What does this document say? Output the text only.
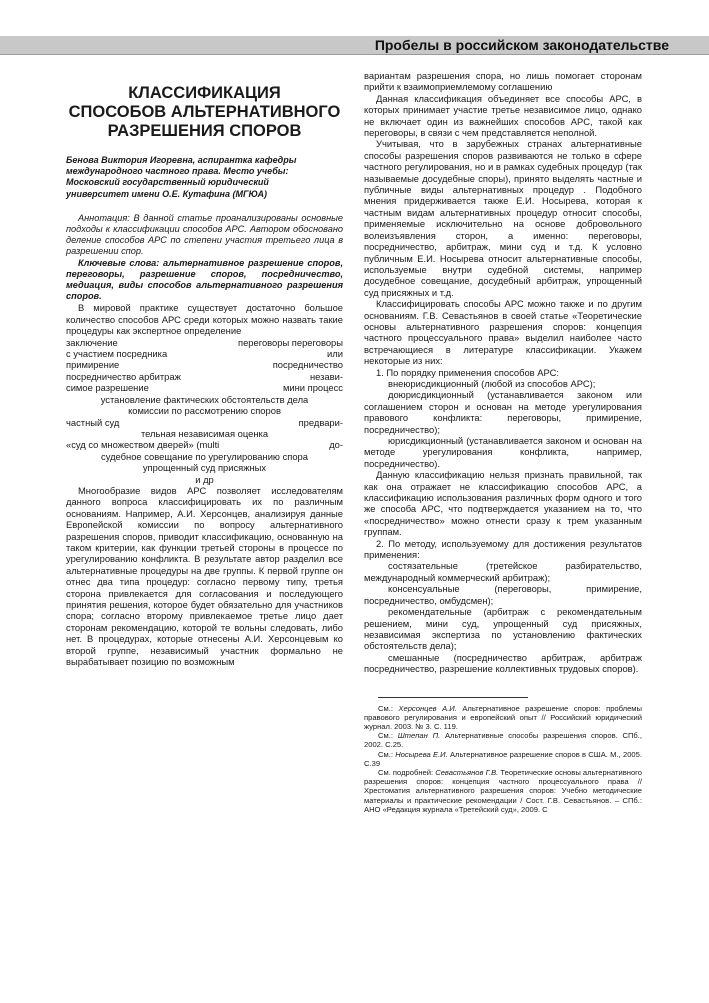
Пробелы в российском законодательстве
КЛАССИФИКАЦИЯ
СПОСОБОВ АЛЬТЕРНАТИВНОГО
РАЗРЕШЕНИЯ СПОРОВ
Бенова Виктория Игоревна, аспирантка кафедры
международного частного права. Место учебы:
Московский государственный юридический
университет имени О.Е. Кутафина (МГЮА)

Аннотация: В данной статье проанализированы основные подходы к классификации способов АРС. Автором обосновано деление способов АРС по степени участия третьего лица в разрешении спор.

Ключевые слова: альтернативное разрешение споров, переговоры, разрешение споров, посредничество, медиация, виды способов альтернативного разрешения споров.

В мировой практике существует достаточно большое количество способов АРС среди которых можно назвать такие процедуры как экспертное определение

заключение	переговоры переговоры
с участием посредника	или
примирение	посредничество
посредничество арбитраж	незави-
симое разрешение	мини процесс
установление фактических обстоятельств дела
комиссии по рассмотрению споров
частный суд	предвари-
тельная независимая оценка
«суд со множеством дверей» (multi	до-
судебное совещание по урегулированию спора
упрощенный суд присяжных
и др

Многообразие видов АРС позволяет исследователям данного вопроса классифицировать их по различным основаниям. Например, А.И. Херсонцев, анализируя данные Европейской комиссии по вопросу альтернативного разрешения споров, приводит классификацию, основанную на таком критерии, как функции третьей стороны в процессе по урегулированию конфликта. В результате автор разделил все альтернативные процедуры на две группы. К первой группе он отнес два типа процедур: согласно первому типу, третья сторона привлекается для согласования и последующего принятия решения, которое будет обязательно для участников спора; согласно второму привлекаемое третье лицо дает сторонам рекомендацию, которой те вольны следовать, либо нет. В процедурах, которые отнесены А.И. Херсонцевым ко второй группе, независимый участник формально не вырабатывает позицию по возможным

вариантам разрешения спора, но лишь помогает сторонам прийти к взаимоприемлемому соглашению

Данная классификация объединяет все способы АРС, в которых принимает участие третье независимое лицо, однако не включает один из важнейших способов АРС, такой как переговоры, в связи с чем представляется неполной.

Учитывая, что в зарубежных странах альтернативные способы разрешения споров развиваются не только в сфере частного регулирования, но и в рамках судебных процедур (так называемые досудебные споры), принято выделять частные и публичные виды альтернативных процедур . Подобного мнения придерживается также Е.И. Носырева, которая к частным видам альтернативных процедур относит способы, применяемые исключительно на основе добровольного волеизъявления сторон, а именно: переговоры, посредничество, арбитраж, мини суд и т.д. К условно публичным Е.И. Носырева относит альтернативные способы, используемые внутри судебной системы, например досудебное совещание, досудебный арбитраж, упрощенный суд присяжных и т.д.

Классифицировать способы АРС можно также и по другим основаниям. Г.В. Севастьянов в своей статье «Теоретические основы альтернативного разрешения споров: концепция частного процессуального права» выделил наиболее часто встречающиеся в литературе классификации. Укажем некоторые из них:

1. По порядку применения способов АРС:

внеюрисдикционный (любой из способов АРС);

доюрисдикционный (устанавливается законом или соглашением сторон и основан на методе урегулирования правового конфликта: переговоры, примирение, посредничество);

юрисдикционный (устанавливается законом и основан на методе урегулирования конфликта, например, посредничество).

Данную классификацию нельзя признать правильной, так как она отражает не классификацию способов АРС, а классификацию использования различных форм одного и того же способа АРС, что подтверждается указанием на то, что «посредничество» можно отнести сразу к трем указанным группам.

2. По методу, используемому для достижения результатов применения:

состязательные (третейское разбирательство, международный коммерческий арбитраж);

консенсуальные (переговоры, примирение, посредничество, омбудсмен);

рекомендательные (арбитраж с рекомендательным решением, мини суд, упрощенный суд присяжных, независимая экспертиза по установлению фактических обстоятельств дела);

смешанные (посредничество арбитраж, арбитраж посредничество, разрешение коллективных трудовых споров).

См.: Херсонцев А.И. Альтернативное разрешение споров: проблемы правового регулирования и европейский опыт // Российский юридический журнал. 2003. № 3. С. 119.

См.: Штепан П. Альтернативные способы разрешения споров. СПб., 2002. С.25.

См.: Носырева Е.И. Альтернативное разрешение споров в США. М., 2005. С.39

См. подробней: Севастьянов Г.В. Теоретические основы альтернативного разрешения споров: концепция частного процессуального права // Хрестоматия альтернативного разрешения споров: Учебно методические материалы и практические рекомендации / Сост. Г.В. Севастьянов. – СПб.: АНО «Редакция журнала «Третейский суд», 2009. С
